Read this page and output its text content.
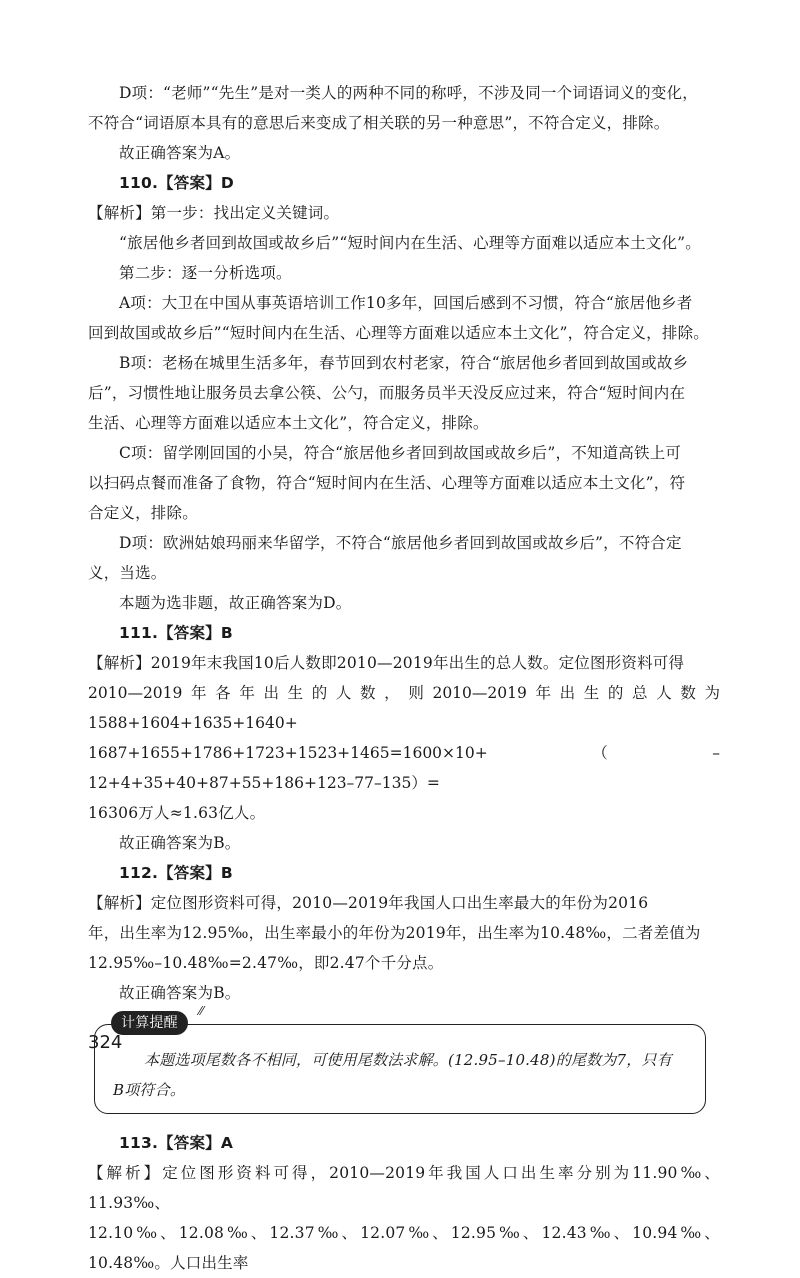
D项：“老师”“先生”是对一类人的两种不同的称呼，不涉及同一个词语词义的变化，

不符合“词语原本具有的意思后来变成了相关联的另一种意思”，不符合定义，排除。

故正确答案为A。

110.【答案】D

【解析】第一步：找出定义关键词。

“旅居他乡者回到故国或故乡后”“短时间内在生活、心理等方面难以适应本土文化”。

第二步：逐一分析选项。

A项：大卫在中国从事英语培训工作10多年，回国后感到不习惯，符合“旅居他乡者

回到故国或故乡后”“短时间内在生活、心理等方面难以适应本土文化”，符合定义，排除。

B项：老杨在城里生活多年，春节回到农村老家，符合“旅居他乡者回到故国或故乡

后”，习惯性地让服务员去拿公筷、公勺，而服务员半天没反应过来，符合“短时间内在

生活、心理等方面难以适应本土文化”，符合定义，排除。

C项：留学刚回国的小吴，符合“旅居他乡者回到故国或故乡后”，不知道高铁上可

以扫码点餐而准备了食物，符合“短时间内在生活、心理等方面难以适应本土文化”，符

合定义，排除。

D项：欧洲姑娘玛丽来华留学，不符合“旅居他乡者回到故国或故乡后”，不符合定

义，当选。

本题为选非题，故正确答案为D。

111.【答案】B

【解析】2019年末我国10后人数即2010—2019年出生的总人数。定位图形资料可得

2010—2019年各年出生的人数，则2010—2019年出生的总人数为1588+1604+1635+1640+

1687+1655+1786+1723+1523+1465=1600×10+（–12+4+35+40+87+55+186+123–77–135）=

16306万人≈1.63亿人。

故正确答案为B。

112.【答案】B

【解析】定位图形资料可得，2010—2019年我国人口出生率最大的年份为2016

年，出生率为12.95‰，出生率最小的年份为2019年，出生率为10.48‰，二者差值为

12.95‰–10.48‰=2.47‰，即2.47个千分点。

故正确答案为B。

计算提醒
⁄⁄

本题选项尾数各不相同，可使用尾数法求解。(12.95–10.48)的尾数为7，只有

B项符合。

113.【答案】A

【解析】定位图形资料可得，2010—2019年我国人口出生率分别为11.90‰、11.93‰、

12.10‰、12.08‰、12.37‰、12.07‰、12.95‰、12.43‰、10.94‰、10.48‰。人口出生率

324
